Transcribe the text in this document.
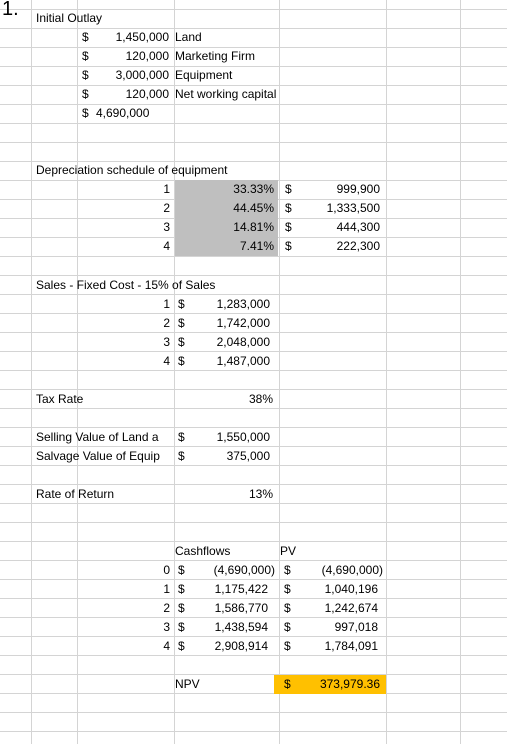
1. Initial Outlay
$	1,450,000 Land
$	120,000 Marketing Firm
$	3,000,000 Equipment
$	120,000 Net working capital
$ 4,690,000
Depreciation schedule of equipment
1	33.33% $	999,900
2	44.45% $	1,333,500
3	14.81% $	444,300
4	7.41% $	222,300
Sales - Fixed Cost - 15% of Sales
1 $	1,283,000
2 $	1,742,000
3 $	2,048,000
4 $	1,487,000
Tax Rate	38%
Selling Value of Land a	$	1,550,000
Salvage Value of Equip	$	375,000
Rate of Return	13%
Cashflows	PV
0 $	(4,690,000) $	(4,690,000)
1 $	1,175,422 $	1,040,196
2 $	1,586,770 $	1,242,674
3 $	1,438,594 $	997,018
4 $	2,908,914 $	1,784,091
NPV	$ 373,979.36
